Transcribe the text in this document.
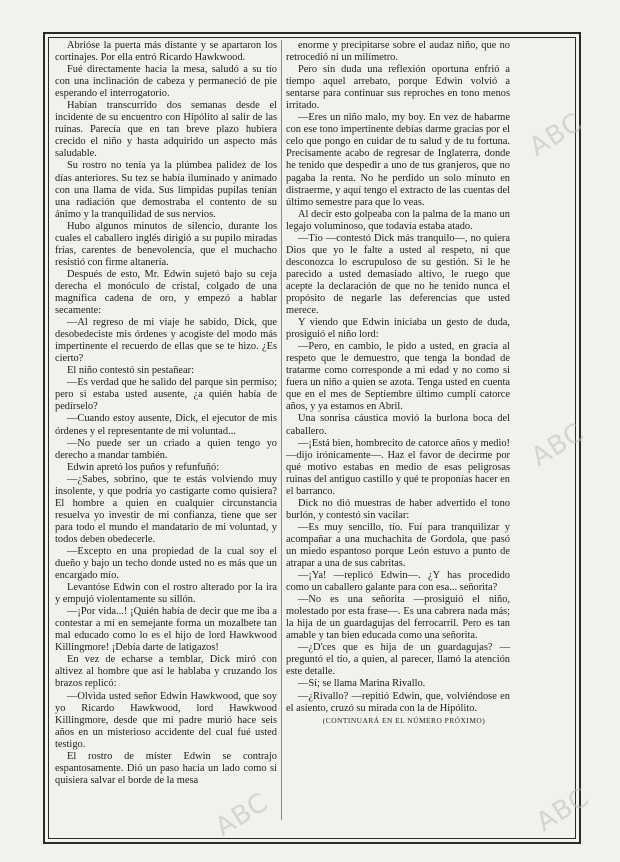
Abrióse la puerta más distante y se apartaron los cortinajes. Por ella entró Ricardo Hawkwood.

Fué directamente hacia la mesa, saludó a su tío con una inclinación de cabeza y permaneció de pie esperando el interrogatorio.

Habían transcurrido dos semanas desde el incidente de su encuentro con Hipólito al salir de las ruinas. Parecía que en tan breve plazo hubiera crecido el niño y hasta adquirido un aspecto más saludable.

Su rostro no tenía ya la plúmbea palidez de los días anteriores. Su tez se había iluminado y animado con una llama de vida. Sus límpidas pupilas tenían una radiación que demostraba el contento de su ánimo y la tranquilidad de sus nervios.

Hubo algunos minutos de silencio, durante los cuales el caballero inglés dirigió a su pupilo miradas frías, carentes de benevolencia, que el muchacho resistió con firme altanería.

Después de esto, Mr. Edwin sujetó bajo su ceja derecha el monóculo de cristal, colgado de una magnífica cadena de oro, y empezó a hablar secamente:

—Al regreso de mi viaje he sabido, Dick, que desobedeciste mis órdenes y acogiste del modo más impertinente el recuerdo de ellas que se te hizo. ¿Es cierto?

El niño contestó sin pestañear:

—Es verdad que he salido del parque sin permiso; pero si estaba usted ausente, ¿a quién había de pedírselo?

—Cuando estoy ausente, Dick, el ejecutor de mis órdenes y el representante de mi voluntad...

—No puede ser un criado a quien tengo yo derecho a mandar también.

Edwin apretó los puños y refunfuñó:

—¿Sabes, sobrino, que te estás volviendo muy insolente, y que podría yo castigarte como quisiera? El hombre a quien en cualquier circunstancia resuelva yo investir de mi confianza, tiene que ser para todo el mundo el mandatario de mi voluntad, y todos deben obedecerle.

—Excepto en una propiedad de la cual soy el dueño y bajo un techo donde usted no es más que un encargado mío.

Levantóse Edwin con el rostro alterado por la ira y empujó violentamente su sillón.

—¡Por vida...! ¡Quién había de decir que me iba a contestar a mí en semejante forma un mozalbete tan mal educado como lo es el hijo de lord Hawkwood Killingmore! ¡Debía darte de latigazos!

En vez de echarse a temblar, Dick miró con altivez al hombre que así le hablaba y cruzando los brazos replicó:

—Olvida usted señor Edwin Hawkwood, que soy yo Ricardo Hawkwood, lord Hawkwood Killingmore, desde que mi padre murió hace seis años en un misterioso accidente del cual fué usted testigo.

El rostro de míster Edwin se contrajo espantosamente. Dió un paso hacia un lado como si quisiera salvar el borde de la mesa

enorme y precipitarse sobre el audaz niño, que no retrocedió ni un milímetro.

Pero sin duda una reflexión oportuna enfrió a tiempo aquel arrebato, porque Edwin volvió a sentarse para continuar sus reproches en tono menos irritado.

—Eres un niño malo, my boy. En vez de habarme con ese tono impertinente debías darme gracias por el celo que pongo en cuidar de tu salud y de tu fortuna. Precisamente acabo de regresar de Inglaterra, donde he tenido que despedir a uno de tus granjeros, que no pagaba la renta. No he perdido un solo minuto en distraerme, y aquí tengo el extracto de las cuentas del último semestre para que lo veas.

Al decir esto golpeaba con la palma de la mano un legajo voluminoso, que todavía estaba atado.

—Tío —contestó Dick más tranquilo—, no quiera Dios que yo le falte a usted al respeto, ni que desconozca lo escrupuloso de su gestión. Si le he parecido a usted demasiado altivo, le ruego que acepte la declaración de que no he tenido nunca el propósito de negarle las deferencias que usted merece.

Y viendo que Edwin iniciaba un gesto de duda, prosiguió el niño lord:

—Pero, en cambio, le pido a usted, en gracia al respeto que le demuestro, que tenga la bondad de tratarme como corresponde a mi edad y no como si fuera un niño a quien se azota. Tenga usted en cuenta que en el mes de Septiembre último cumplí catorce años, y ya estamos en Abril.

Una sonrisa cáustica movió la burlona boca del caballero.

—¡Está bien, hombrecito de catorce años y medio! —dijo irónicamente—. Haz el favor de decirme por qué motivo estabas en medio de esas peligrosas ruinas del antiguo castillo y qué te proponías hacer en el barranco.

Dick no dió muestras de haber advertido el tono burlón, y contestó sin vacilar:

—Es muy sencillo, tío. Fuí para tranquilizar y acompañar a una muchachita de Gordola, que pasó un miedo espantoso porque León estuvo a punto de atrapar a una de sus cabritas.

—¡Ya! —replicó Edwin—. ¿Y has procedido como un caballero galante para con esa... señorita?

—No es una señorita —prosiguió el niño, molestado por esta frase—. Es una cabrera nada más; la hija de un guardagujas del ferrocarril. Pero es tan amable y tan bien educada como una señorita.

—¿D'ces que es hija de un guardagujas? —preguntó el tío, a quien, al parecer, llamó la atención este detalle.

—Sí; se llama Marina Rivallo.

—¿Rivallo? —repitió Edwin, que, volviéndose en el asiento, cruzó su mirada con la de Hipólito.

(CONTINUARÁ EN EL NÚMERO PRÓXIMO)

ABC
ABC
ABC	ABC
